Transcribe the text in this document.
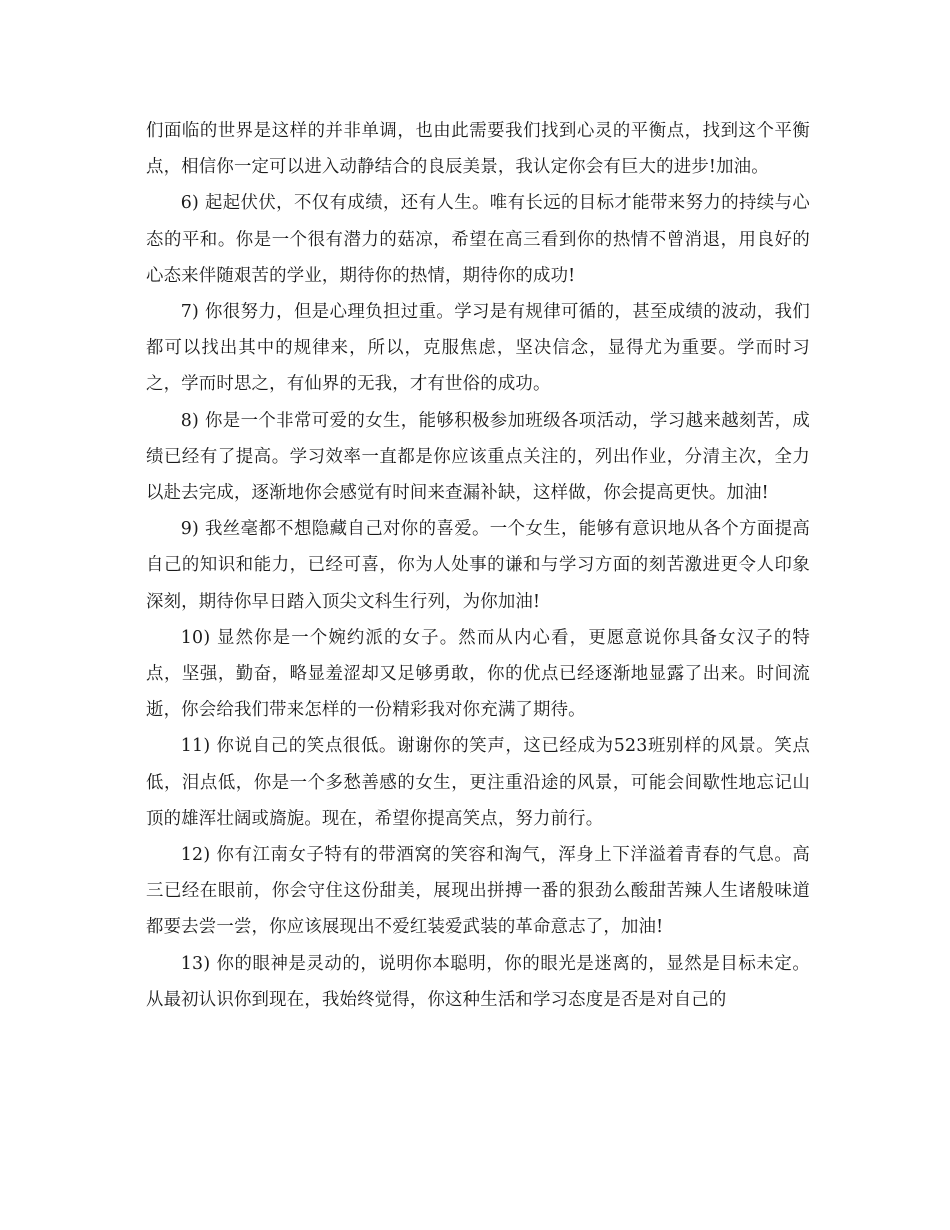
们面临的世界是这样的并非单调，也由此需要我们找到心灵的平衡点，找到这个平衡点，相信你一定可以进入动静结合的良辰美景，我认定你会有巨大的进步!加油。

6) 起起伏伏，不仅有成绩，还有人生。唯有长远的目标才能带来努力的持续与心态的平和。你是一个很有潜力的菇凉，希望在高三看到你的热情不曾消退，用良好的心态来伴随艰苦的学业，期待你的热情，期待你的成功!

7) 你很努力，但是心理负担过重。学习是有规律可循的，甚至成绩的波动，我们都可以找出其中的规律来，所以，克服焦虑，坚决信念，显得尤为重要。学而时习之，学而时思之，有仙界的无我，才有世俗的成功。

8) 你是一个非常可爱的女生，能够积极参加班级各项活动，学习越来越刻苦，成绩已经有了提高。学习效率一直都是你应该重点关注的，列出作业，分清主次，全力以赴去完成，逐渐地你会感觉有时间来查漏补缺，这样做，你会提高更快。加油!

9) 我丝毫都不想隐藏自己对你的喜爱。一个女生，能够有意识地从各个方面提高自己的知识和能力，已经可喜，你为人处事的谦和与学习方面的刻苦激进更令人印象深刻，期待你早日踏入顶尖文科生行列，为你加油!

10) 显然你是一个婉约派的女子。然而从内心看，更愿意说你具备女汉子的特点，坚强，勤奋，略显羞涩却又足够勇敢，你的优点已经逐渐地显露了出来。时间流逝，你会给我们带来怎样的一份精彩我对你充满了期待。

11) 你说自己的笑点很低。谢谢你的笑声，这已经成为523班别样的风景。笑点低，泪点低，你是一个多愁善感的女生，更注重沿途的风景，可能会间歇性地忘记山顶的雄浑壮阔或旖旎。现在，希望你提高笑点，努力前行。

12) 你有江南女子特有的带酒窝的笑容和淘气，浑身上下洋溢着青春的气息。高三已经在眼前，你会守住这份甜美，展现出拼搏一番的狠劲么酸甜苦辣人生诸般味道都要去尝一尝，你应该展现出不爱红装爱武装的革命意志了，加油!

13) 你的眼神是灵动的，说明你本聪明，你的眼光是迷离的，显然是目标未定。从最初认识你到现在，我始终觉得，你这种生活和学习态度是否是对自己的
